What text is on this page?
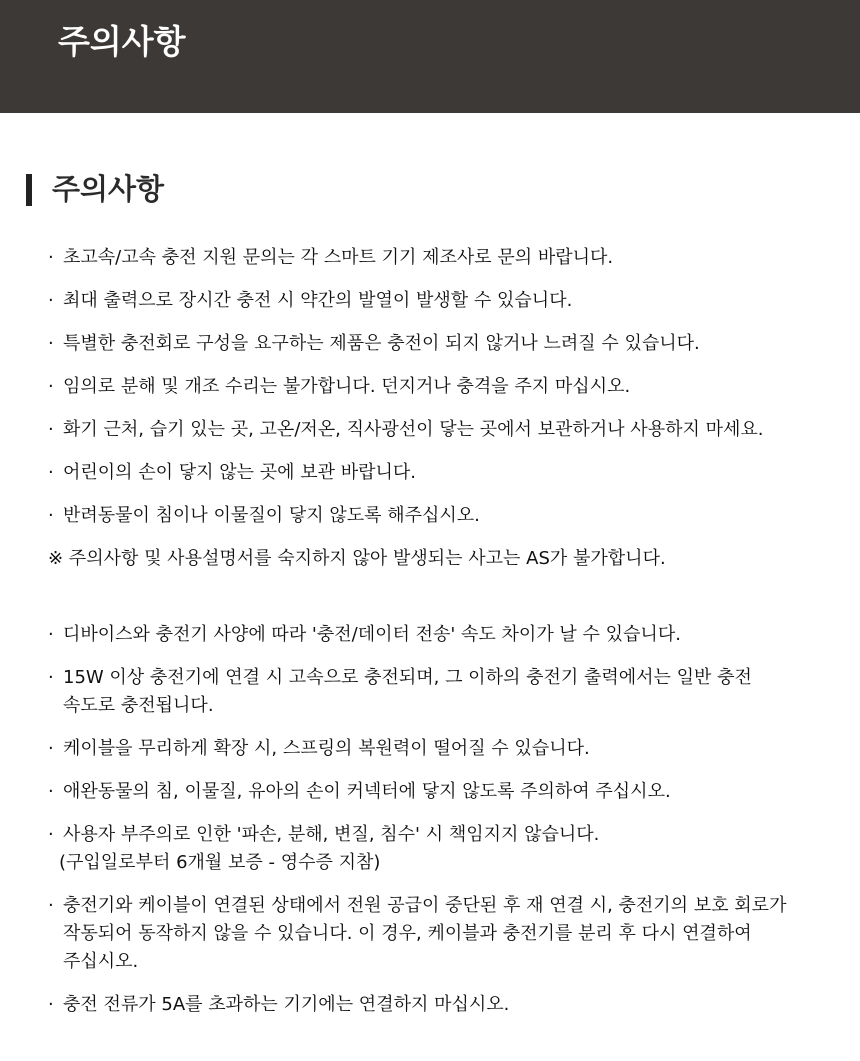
주의사항
주의사항
· 초고속/고속 충전 지원 문의는 각 스마트 기기 제조사로 문의 바랍니다.
· 최대 출력으로 장시간 충전 시 약간의 발열이 발생할 수 있습니다.
· 특별한 충전회로 구성을 요구하는 제품은 충전이 되지 않거나 느려질 수 있습니다.
· 임의로 분해 및 개조 수리는 불가합니다. 던지거나 충격을 주지 마십시오.
· 화기 근처, 습기 있는 곳, 고온/저온, 직사광선이 닿는 곳에서 보관하거나 사용하지 마세요.
· 어린이의 손이 닿지 않는 곳에 보관 바랍니다.
· 반려동물이 침이나 이물질이 닿지 않도록 해주십시오.
※ 주의사항 및 사용설명서를 숙지하지 않아 발생되는 사고는 AS가 불가합니다.
· 디바이스와 충전기 사양에 따라 '충전/데이터 전송' 속도 차이가 날 수 있습니다.
· 15W 이상 충전기에 연결 시 고속으로 충전되며, 그 이하의 충전기 출력에서는 일반 충전
속도로 충전됩니다.
· 케이블을 무리하게 확장 시, 스프링의 복원력이 떨어질 수 있습니다.
· 애완동물의 침, 이물질, 유아의 손이 커넥터에 닿지 않도록 주의하여 주십시오.
· 사용자 부주의로 인한 '파손, 분해, 변질, 침수' 시 책임지지 않습니다.
(구입일로부터 6개월 보증 - 영수증 지참)
· 충전기와 케이블이 연결된 상태에서 전원 공급이 중단된 후 재 연결 시, 충전기의 보호 회로가
작동되어 동작하지 않을 수 있습니다. 이 경우, 케이블과 충전기를 분리 후 다시 연결하여
주십시오.
· 충전 전류가 5A를 초과하는 기기에는 연결하지 마십시오.
